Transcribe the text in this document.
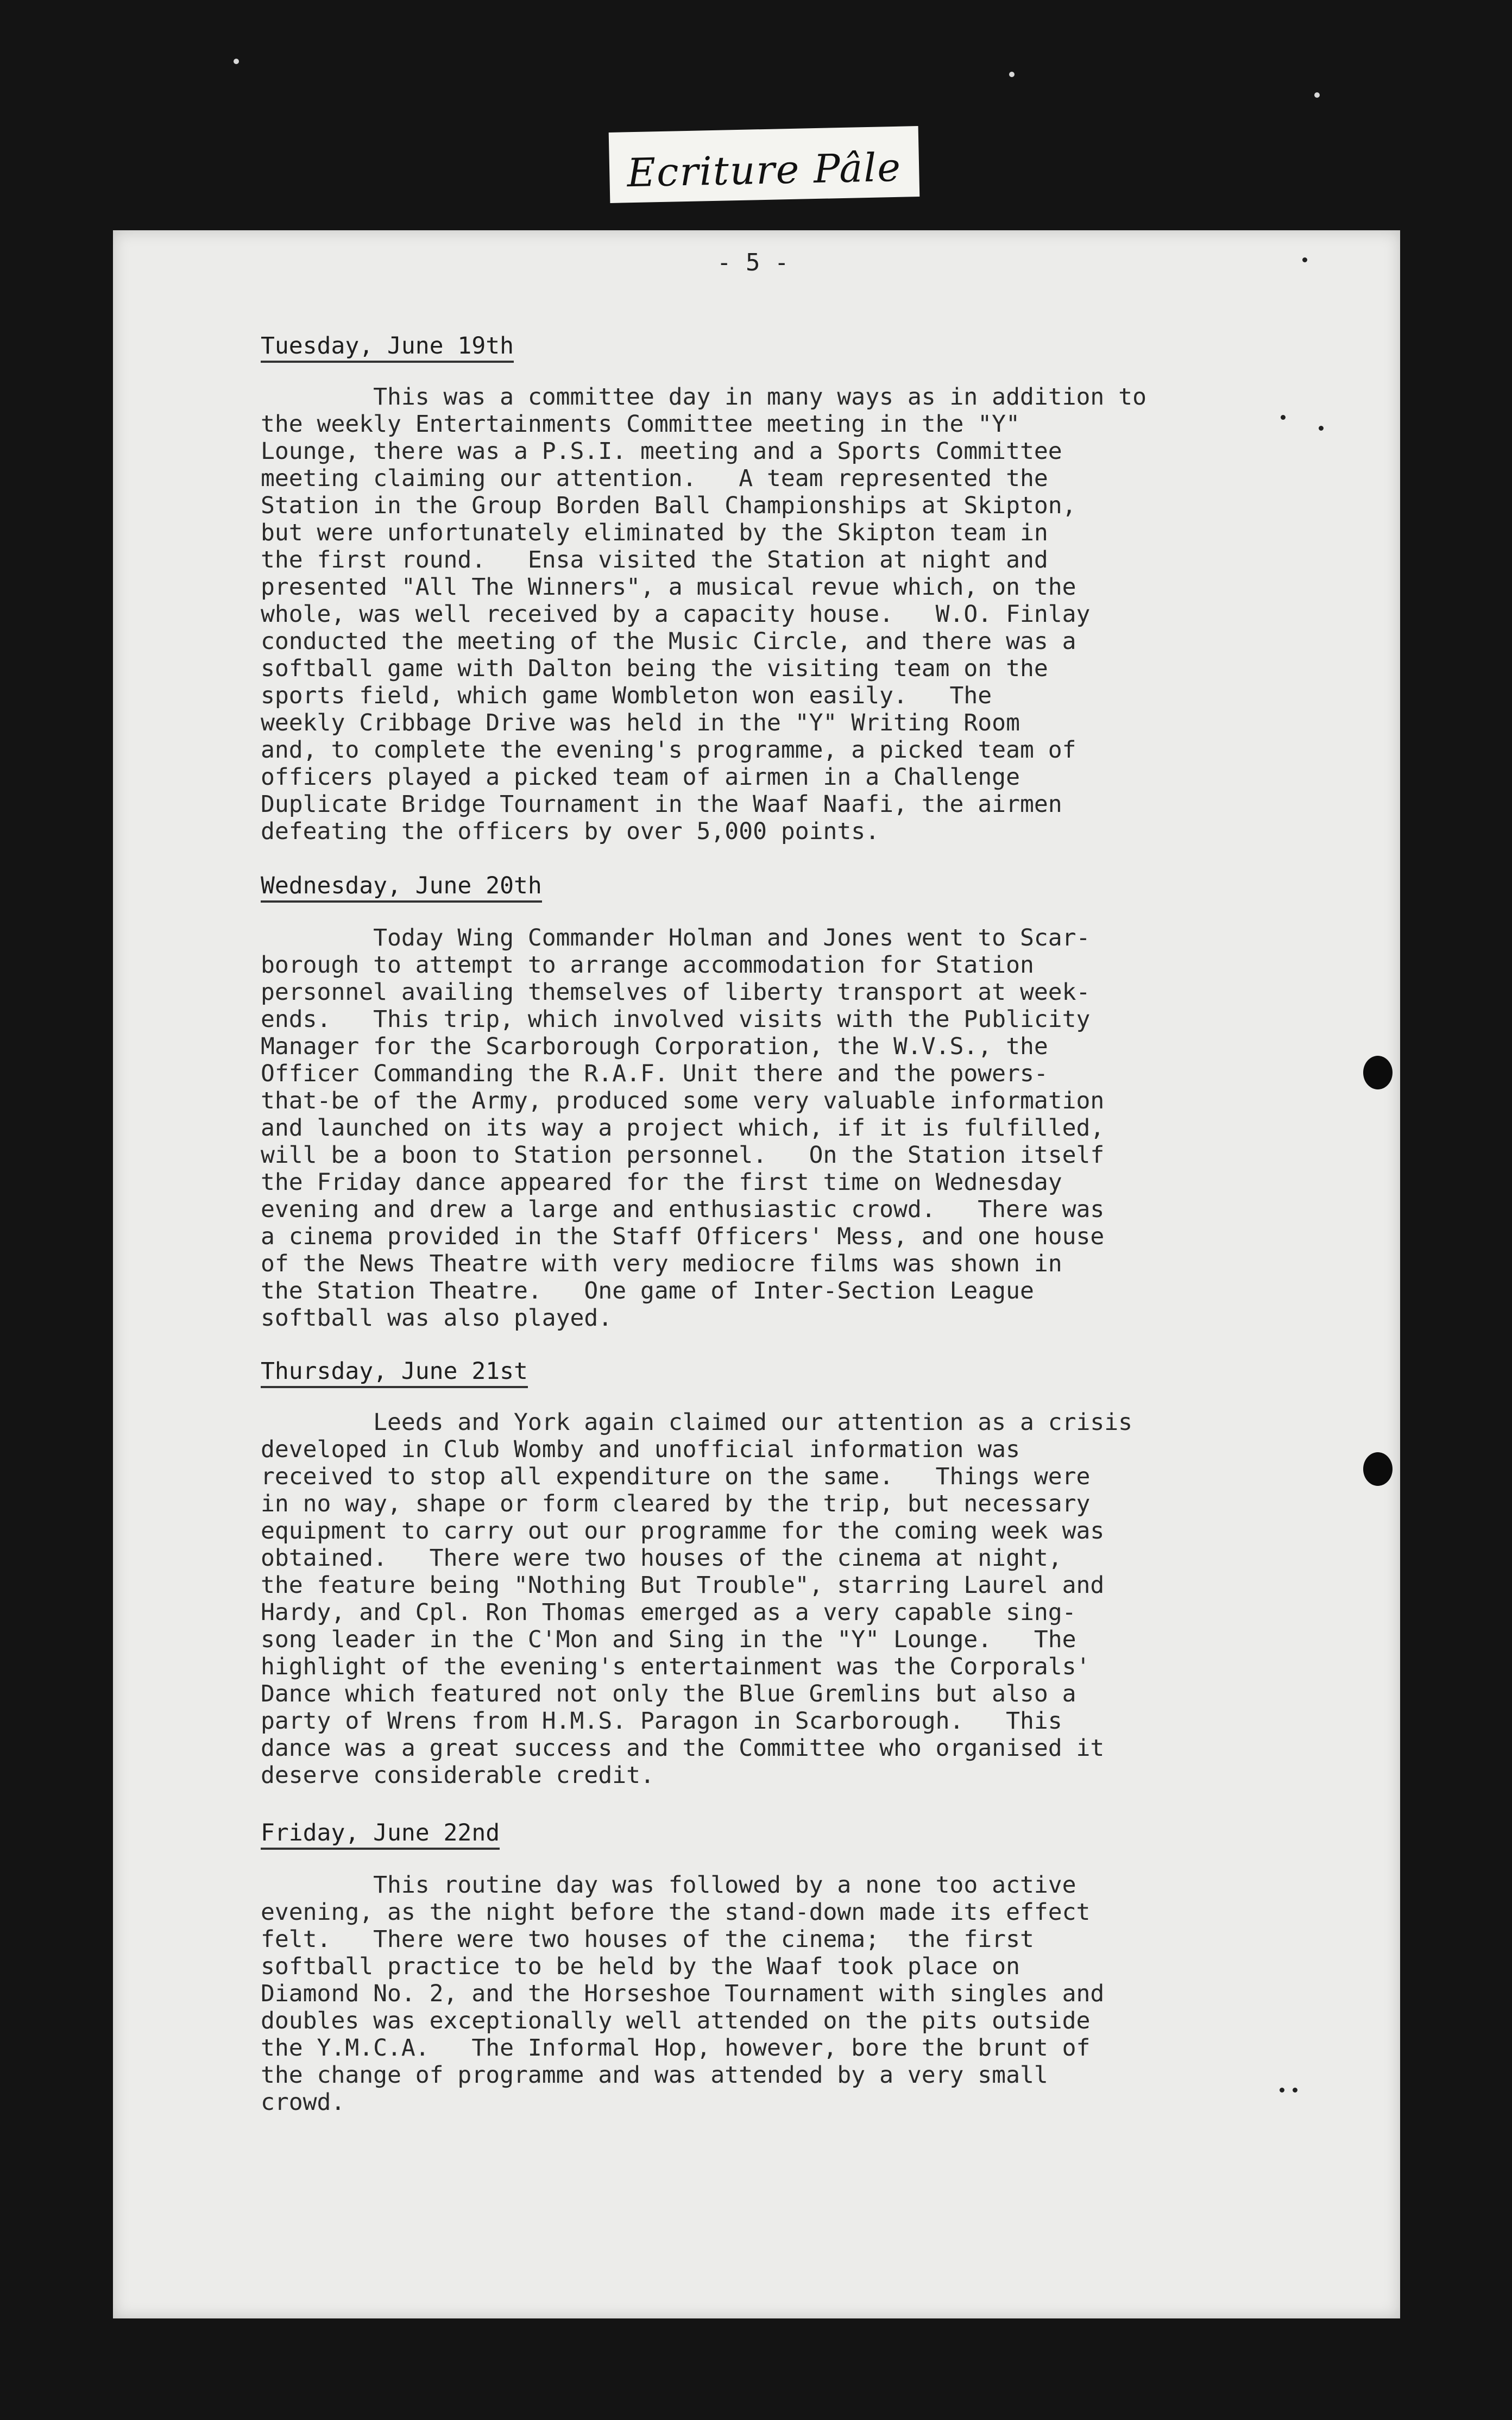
Ecriture Pâle
- 5 -
Tuesday, June 19th

This was a committee day in many ways as in addition to
the weekly Entertainments Committee meeting in the "Y"
Lounge, there was a P.S.I. meeting and a Sports Committee
meeting claiming our attention.   A team represented the
Station in the Group Borden Ball Championships at Skipton,
but were unfortunately eliminated by the Skipton team in
the first round.   Ensa visited the Station at night and
presented "All The Winners", a musical revue which, on the
whole, was well received by a capacity house.   W.O. Finlay
conducted the meeting of the Music Circle, and there was a
softball game with Dalton being the visiting team on the
sports field, which game Wombleton won easily.   The
weekly Cribbage Drive was held in the "Y" Writing Room
and, to complete the evening's programme, a picked team of
officers played a picked team of airmen in a Challenge
Duplicate Bridge Tournament in the Waaf Naafi, the airmen
defeating the officers by over 5,000 points.

Wednesday, June 20th

Today Wing Commander Holman and Jones went to Scar-
borough to attempt to arrange accommodation for Station
personnel availing themselves of liberty transport at week-
ends.   This trip, which involved visits with the Publicity
Manager for the Scarborough Corporation, the W.V.S., the
Officer Commanding the R.A.F. Unit there and the powers-
that-be of the Army, produced some very valuable information
and launched on its way a project which, if it is fulfilled,
will be a boon to Station personnel.   On the Station itself
the Friday dance appeared for the first time on Wednesday
evening and drew a large and enthusiastic crowd.   There was
a cinema provided in the Staff Officers' Mess, and one house
of the News Theatre with very mediocre films was shown in
the Station Theatre.   One game of Inter-Section League
softball was also played.

Thursday, June 21st

Leeds and York again claimed our attention as a crisis
developed in Club Womby and unofficial information was
received to stop all expenditure on the same.   Things were
in no way, shape or form cleared by the trip, but necessary
equipment to carry out our programme for the coming week was
obtained.   There were two houses of the cinema at night,
the feature being "Nothing But Trouble", starring Laurel and
Hardy, and Cpl. Ron Thomas emerged as a very capable sing-
song leader in the C'Mon and Sing in the "Y" Lounge.   The
highlight of the evening's entertainment was the Corporals'
Dance which featured not only the Blue Gremlins but also a
party of Wrens from H.M.S. Paragon in Scarborough.   This
dance was a great success and the Committee who organised it
deserve considerable credit.

Friday, June 22nd

This routine day was followed by a none too active
evening, as the night before the stand-down made its effect
felt.   There were two houses of the cinema;  the first
softball practice to be held by the Waaf took place on
Diamond No. 2, and the Horseshoe Tournament with singles and
doubles was exceptionally well attended on the pits outside
the Y.M.C.A.   The Informal Hop, however, bore the brunt of
the change of programme and was attended by a very small
crowd.
